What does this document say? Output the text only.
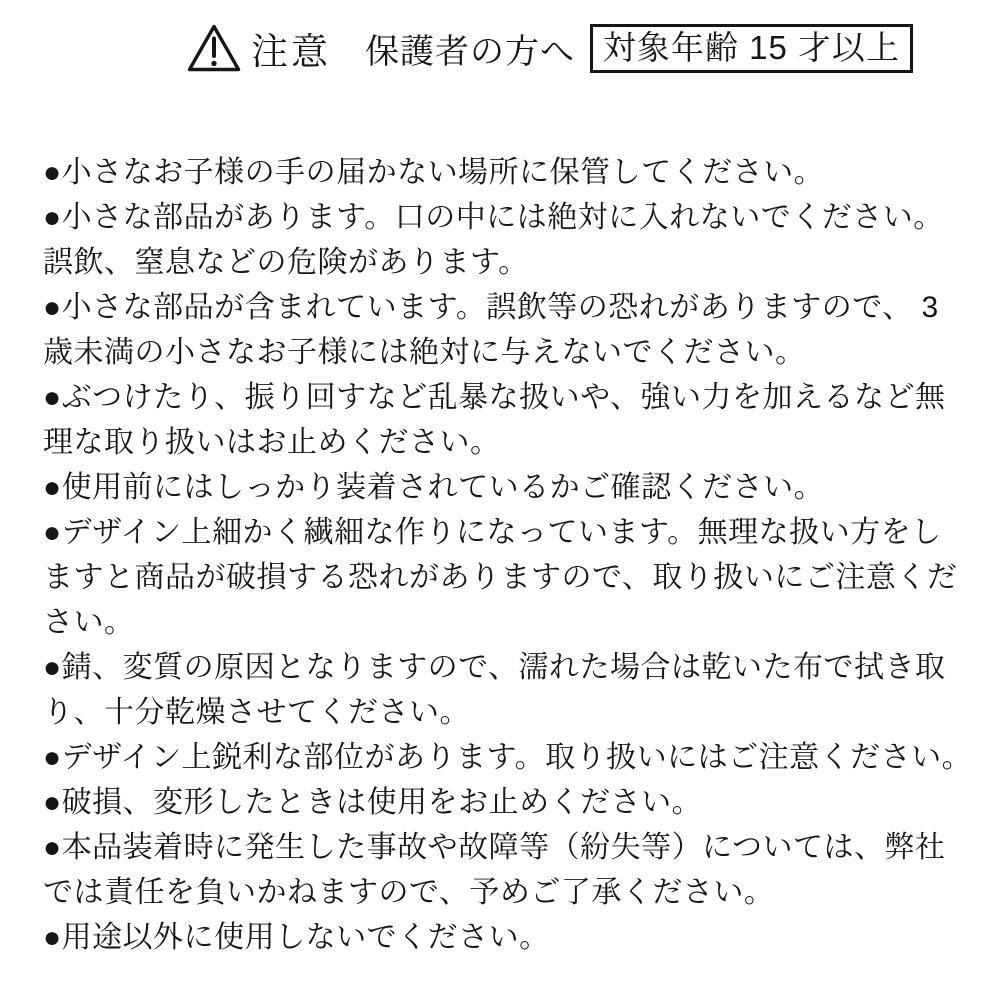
注意 保護者の方へ 対象年齢 15 才以上

●小さなお子様の手の届かない場所に保管してください。

●小さな部品があります。口の中には絶対に入れないでください。
誤飲、窒息などの危険があります。

●小さな部品が含まれています。誤飲等の恐れがありますので、 3
歳未満の小さなお子様には絶対に与えないでください。

●ぶつけたり、振り回すなど乱暴な扱いや、強い力を加えるなど無
理な取り扱いはお止めください。

●使用前にはしっかり装着されているかご確認ください。

●デザイン上細かく繊細な作りになっています。無理な扱い方をし
ますと商品が破損する恐れがありますので、取り扱いにご注意くだ
さい。

●錆、変質の原因となりますので、濡れた場合は乾いた布で拭き取
り、十分乾燥させてください。

●デザイン上鋭利な部位があります。取り扱いにはご注意ください。

●破損、変形したときは使用をお止めください。

●本品装着時に発生した事故や故障等（紛失等）については、弊社
では責任を負いかねますので、予めご了承ください。

●用途以外に使用しないでください。
